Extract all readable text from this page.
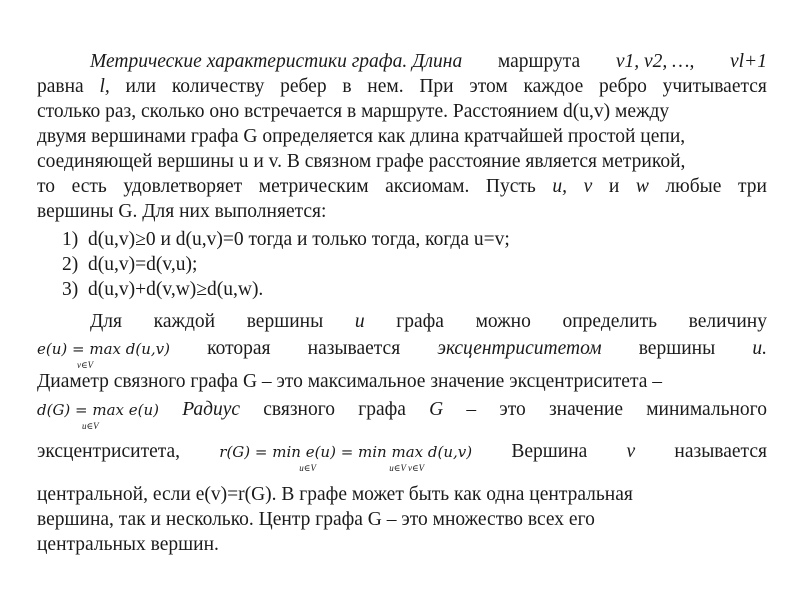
Метрические характеристики графа. Длина маршрута v1, v2, …, vl+1
равна l, или количеству ребер в нем. При этом каждое ребро учитывается
столько раз, сколько оно встречается в маршруте. Расстоянием d(u,v) между
двумя вершинами графа G определяется как длина кратчайшей простой цепи,
соединяющей вершины u и v. В связном графе расстояние является метрикой,
то есть удовлетворяет метрическим аксиомам. Пусть u, v и w любые три
вершины G. Для них выполняется:
1) d(u,v)≥0 и d(u,v)=0 тогда и только тогда, когда u=v;
2) d(u,v)=d(v,u);
3) d(u,v)+d(v,w)≥d(u,w).
Для каждой вершины u графа можно определить величину
e(u) = max d(u,v)
v∈V
которая называется эксцентриситетом вершины u.
Диаметр связного графа G – это максимальное значение эксцентриситета –
d(G) = max e(u)
u∈V
Радиус связного графа G – это значение минимального
эксцентриситета,	r(G) = min e(u) = min max d(u,v)
u∈V	u∈V v∈V
Вершина v называется
центральной, если e(v)=r(G). В графе может быть как одна центральная
вершина, так и несколько. Центр графа G – это множество всех его
центральных вершин.
